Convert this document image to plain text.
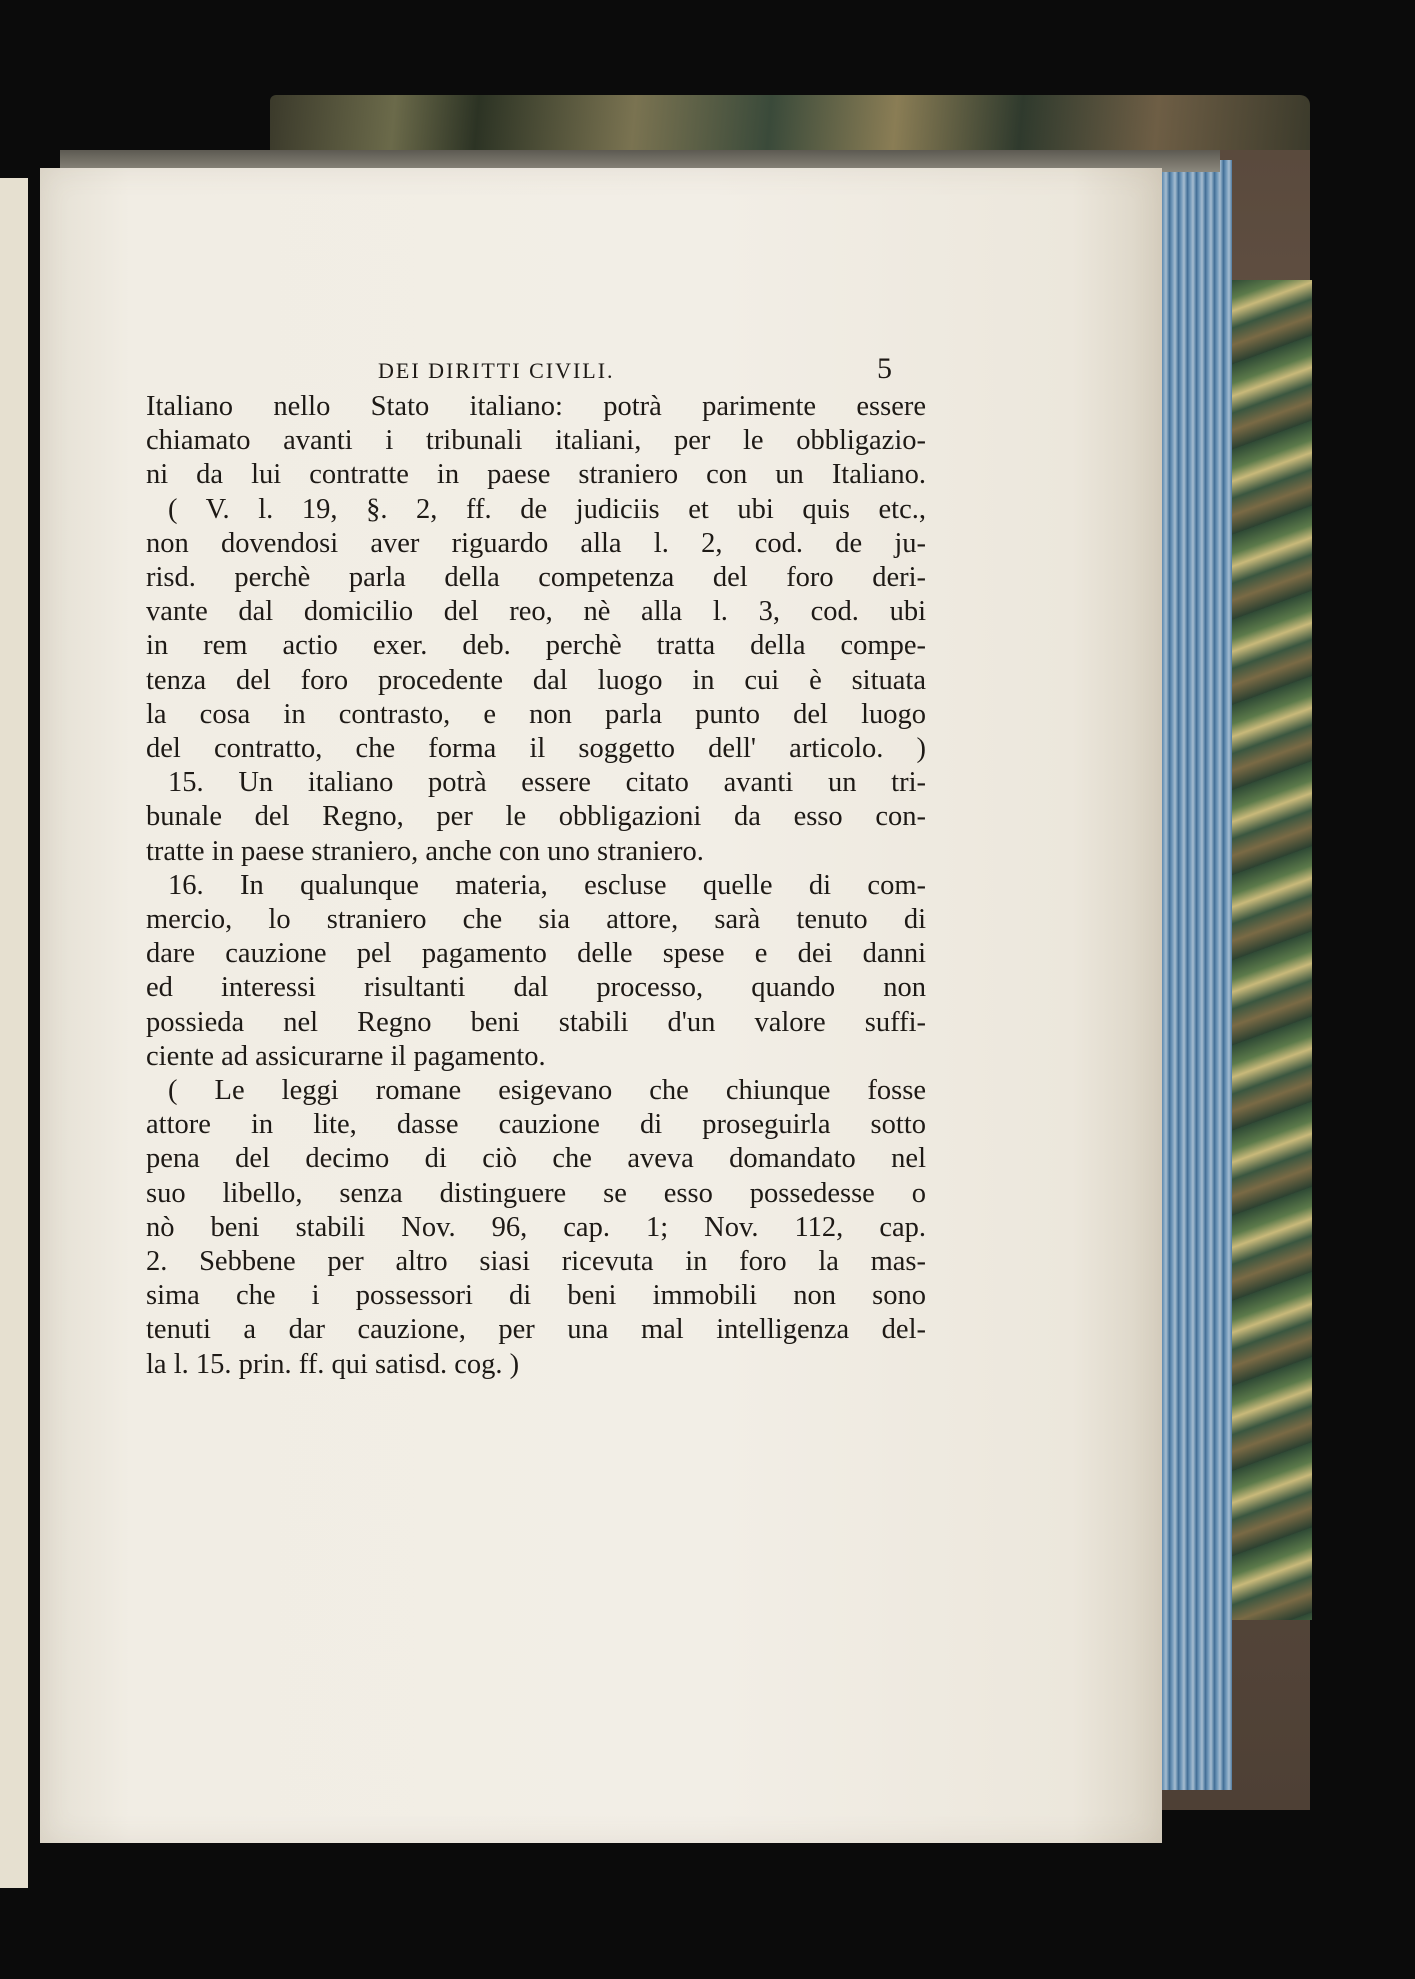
DEI DIRITTI CIVILI.	5
Italiano nello Stato italiano: potrà parimente essere
chiamato avanti i tribunali italiani, per le obbligazio-
ni da lui contratte in paese straniero con un Italiano.
( V. l. 19, §. 2, ff. de judiciis et ubi quis etc.,
non dovendosi aver riguardo alla l. 2, cod. de ju-
risd. perchè parla della competenza del foro deri-
vante dal domicilio del reo, nè alla l. 3, cod. ubi
in rem actio exer. deb. perchè tratta della compe-
tenza del foro procedente dal luogo in cui è situata
la cosa in contrasto, e non parla punto del luogo
del contratto, che forma il soggetto dell' articolo. )
15. Un italiano potrà essere citato avanti un tri-
bunale del Regno, per le obbligazioni da esso con-
tratte in paese straniero, anche con uno straniero.
16. In qualunque materia, escluse quelle di com-
mercio, lo straniero che sia attore, sarà tenuto di
dare cauzione pel pagamento delle spese e dei danni
ed interessi risultanti dal processo, quando non
possieda nel Regno beni stabili d'un valore suffi-
ciente ad assicurarne il pagamento.
( Le leggi romane esigevano che chiunque fosse
attore in lite, dasse cauzione di proseguirla sotto
pena del decimo di ciò che aveva domandato nel
suo libello, senza distinguere se esso possedesse o
nò beni stabili Nov. 96, cap. 1; Nov. 112, cap.
2. Sebbene per altro siasi ricevuta in foro la mas-
sima che i possessori di beni immobili non sono
tenuti a dar cauzione, per una mal intelligenza del-
la l. 15. prin. ff. qui satisd. cog. )
